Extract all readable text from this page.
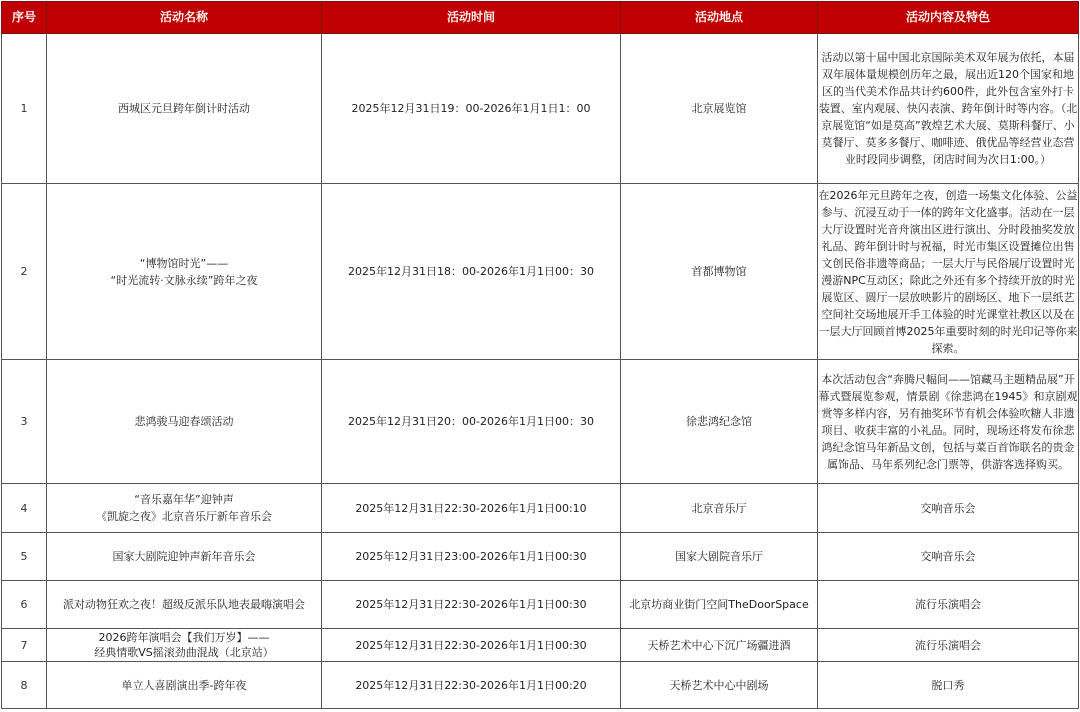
序号	活动名称	活动时间	活动地点	活动内容及特色
1	西城区元旦跨年倒计时活动	2025年12月31日19：00-2026年1月1日1：00	北京展览馆	活动以第十届中国北京国际美术双年展为依托，本届双年展体量规模创历年之最，展出近120个国家和地区的当代美术作品共计约600件，此外包含室外打卡装置、室内观展、快闪表演、跨年倒计时等内容。（北京展览馆“如是莫高”敦煌艺术大展、莫斯科餐厅、小莫餐厅、莫多多餐厅、咖啡迹、俄优品等经营业态营业时段同步调整，闭店时间为次日1:00。）
2	“博物馆时光”——
“时光流转·文脉永续”跨年之夜	2025年12月31日18：00-2026年1月1日00：30	首都博物馆	在2026年元旦跨年之夜，创造一场集文化体验、公益参与、沉浸互动于一体的跨年文化盛事。活动在一层大厅设置时光音舟演出区进行演出、分时段抽奖发放礼品、跨年倒计时与祝福，时光市集区设置摊位出售文创民俗非遗等商品；一层大厅与民俗展厅设置时光漫游NPC互动区；除此之外还有多个持续开放的时光展览区、圆厅一层放映影片的剧场区、地下一层纸艺空间社交场地展开手工体验的时光课堂社教区以及在一层大厅回顾首博2025年重要时刻的时光印记等你来探索。
3	悲鸿骏马迎春颂活动	2025年12月31日20：00-2026年1月1日00：30	徐悲鸿纪念馆	本次活动包含“奔腾尺幅间——馆藏马主题精品展”开幕式暨展览参观，情景剧《徐悲鸿在1945》和京剧观赏等多样内容，另有抽奖环节有机会体验吹糖人非遗项目、收获丰富的小礼品。同时，现场还将发布徐悲鸿纪念馆马年新品文创，包括与菜百首饰联名的贵金属饰品、马年系列纪念门票等，供游客选择购买。
4	“音乐嘉年华”迎钟声
《凯旋之夜》北京音乐厅新年音乐会	2025年12月31日22:30-2026年1月1日00:10	北京音乐厅	交响音乐会
5	国家大剧院迎钟声新年音乐会	2025年12月31日23:00-2026年1月1日00:30	国家大剧院音乐厅	交响音乐会
6	派对动物狂欢之夜！超级反派乐队地表最嗨演唱会	2025年12月31日22:30-2026年1月1日00:30	北京坊商业街门空间TheDoorSpace	流行乐演唱会
7	2026跨年演唱会【我们万岁】——
经典情歌VS摇滚劲曲混战（北京站）	2025年12月31日22:30-2026年1月1日00:30	天桥艺术中心下沉广场疆进酒	流行乐演唱会
8	单立人喜剧演出季-跨年夜	2025年12月31日22:30-2026年1月1日00:20	天桥艺术中心中剧场	脱口秀
